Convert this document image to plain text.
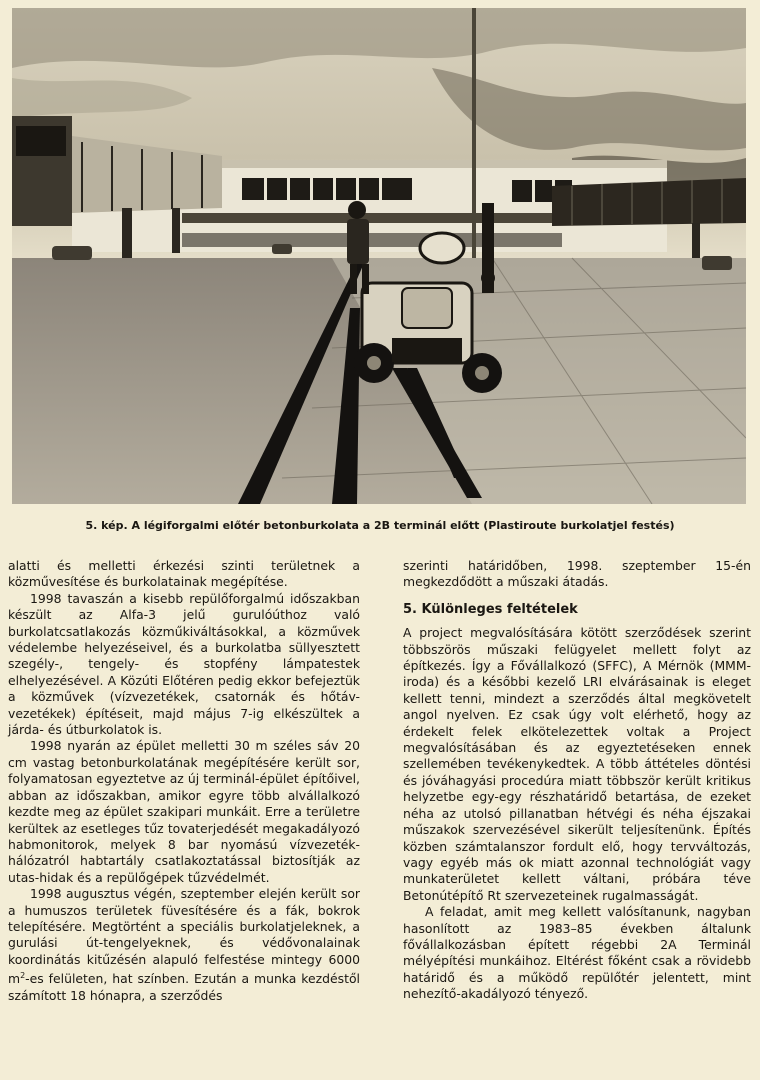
5. kép. A légiforgalmi előtér betonburkolata a 2B terminál előtt (Plastiroute burkolatjel festés)

alatti és melletti érkezési szinti területnek a közművesítése és burkolatainak megépítése.

1998 tavaszán a kisebb repülőforgalmú időszakban készült az Alfa-3 jelű gurulóúthoz való burkolatcsatlakozás közműkiváltásokkal, a közművek védelembe helyezéseivel, és a burkolatba süllyesztett szegély-, tengely- és stopfény lámpatestek elhelyezésével. A Közúti Előtéren pedig ekkor befejeztük a közművek (vízvezetékek, csatornák és hőtáv-vezetékek) építéseit, majd május 7-ig elkészültek a járda- és útburkolatok is.

1998 nyarán az épület melletti 30 m széles sáv 20 cm vastag betonburkolatának megépítésére került sor, folyamatosan egyeztetve az új terminál-épület építőivel, abban az időszakban, amikor egyre több alvállalkozó kezdte meg az épület szakipari munkáit. Erre a területre kerültek az esetleges tűz tovaterjedését megakadályozó habmonitorok, melyek 8 bar nyomású vízvezeték-hálózatról habtartály csatlakoztatással biztosítják az utas-hidak és a repülőgépek tűzvédelmét.

1998 augusztus végén, szeptember elején került sor a humuszos területek füvesítésére és a fák, bokrok telepítésére. Megtörtént a speciális burkolatjeleknek, a gurulási út-tengelyeknek, és védővonalainak koordinátás kitűzésén alapuló felfestése mintegy 6000 $m^2-es$ felületen, hat színben. Ezután a munka kezdéstől számított 18 hónapra, a szerződés

szerinti határidőben, 1998. szeptember 15-én megkezdődött a műszaki átadás.

5. Különleges feltételek

A project megvalósítására kötött szerződések szerint többszörös műszaki felügyelet mellett folyt az építkezés. Így a Fővállalkozó (SFFC), A Mérnök (MMM-iroda) és a későbbi kezelő LRI elvárásainak is eleget kellett tenni, mindezt a szerződés által megkövetelt angol nyelven. Ez csak úgy volt elérhető, hogy az érdekelt felek elkötelezettek voltak a Project megvalósításában és az egyeztetéseken ennek szellemében tevékenykedtek. A több áttételes döntési és jóváhagyási procedúra miatt többször került kritikus helyzetbe egy-egy részhatáridő betartása, de ezeket néha az utolsó pillanatban hétvégi és néha éjszakai műszakok szervezésével sikerült teljesítenünk. Építés közben számtalanszor fordult elő, hogy tervváltozás, vagy egyéb más ok miatt azonnal technológiát vagy munkaterületet kellett váltani, próbára téve Betonútépítő Rt szervezeteinek rugalmasságát.

A feladat, amit meg kellett valósítanunk, nagyban hasonlított az 1983–85 években általunk fővállalkozásban épített régebbi 2A Terminál mélyépítési munkáihoz. Eltérést főként csak a rövidebb határidő és a működő repülőtér jelentett, mint nehezítő-akadályozó tényező.
